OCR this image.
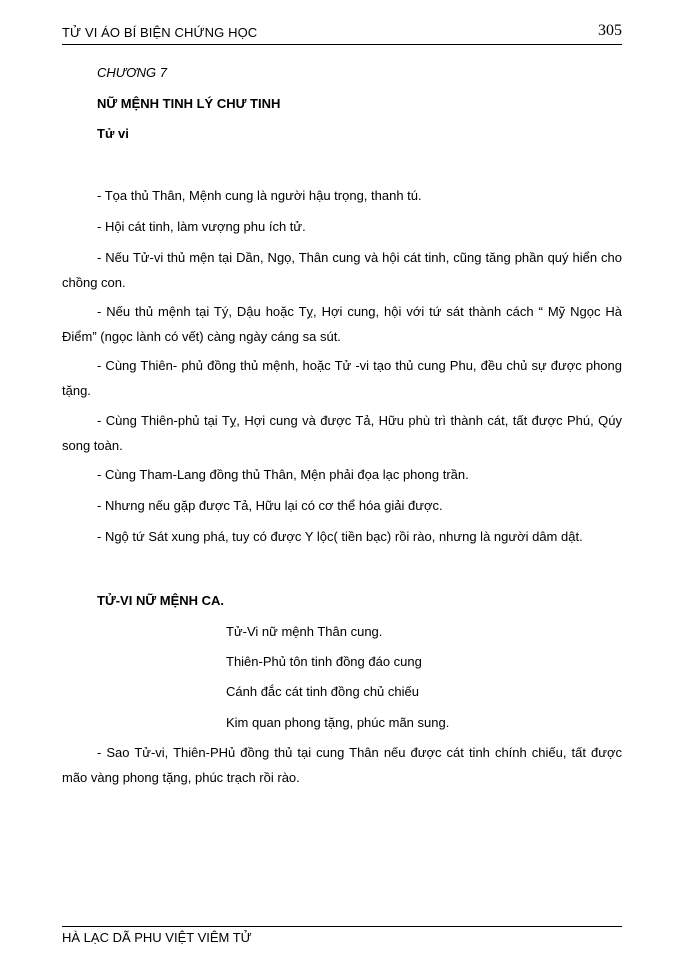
TỬ VI ÁO BÍ BIỆN CHỨNG HỌC	305
CHƯƠNG 7
NỮ MỆNH TINH LÝ CHƯ TINH
Tử vi
- Tọa thủ Thân, Mệnh cung là người hậu trọng, thanh tú.
- Hội cát tinh, làm vượng phu ích tử.
- Nếu Tử-vi thủ mện tại Dần, Ngọ, Thân cung và hội cát tinh, cũng tăng phần quý hiển cho chồng con.
- Nếu thủ mệnh tại Tý, Dậu hoặc Tỵ, Hợi cung, hội với tứ sát thành cách “ Mỹ Ngọc Hà Điểm” (ngọc lành có vết) càng ngày cáng sa sút.
- Cùng Thiên- phủ đồng thủ mệnh, hoặc Tử -vi tạo thủ cung Phu, đều chủ sự được phong tặng.
- Cùng Thiên-phủ tại Tỵ, Hợi cung và được Tả, Hữu phù trì thành cát, tất được Phú, Qúy song toàn.
- Cùng Tham-Lang đồng thủ Thân, Mện phải đọa lạc phong trần.
- Nhưng nếu gặp được Tả, Hữu lại có cơ thể hóa giải được.
- Ngộ tứ Sát xung phá, tuy có được Y lộc( tiền bạc) rồi rào, nhưng là người dâm dật.
TỬ-VI NỮ MỆNH CA.
Tử-Vi nữ mệnh Thân cung.
Thiên-Phủ tôn tinh đồng đáo cung
Cánh đắc cát tinh đồng chủ chiếu
Kim quan phong tặng, phúc mãn sung.
- Sao Tử-vi, Thiên-PHủ đồng thủ tại cung Thân nếu được cát tinh chính chiếu, tất được mão vàng phong tặng, phúc trạch rồi rào.
HÀ LẠC DÃ PHU VIỆT VIÊM TỬ
